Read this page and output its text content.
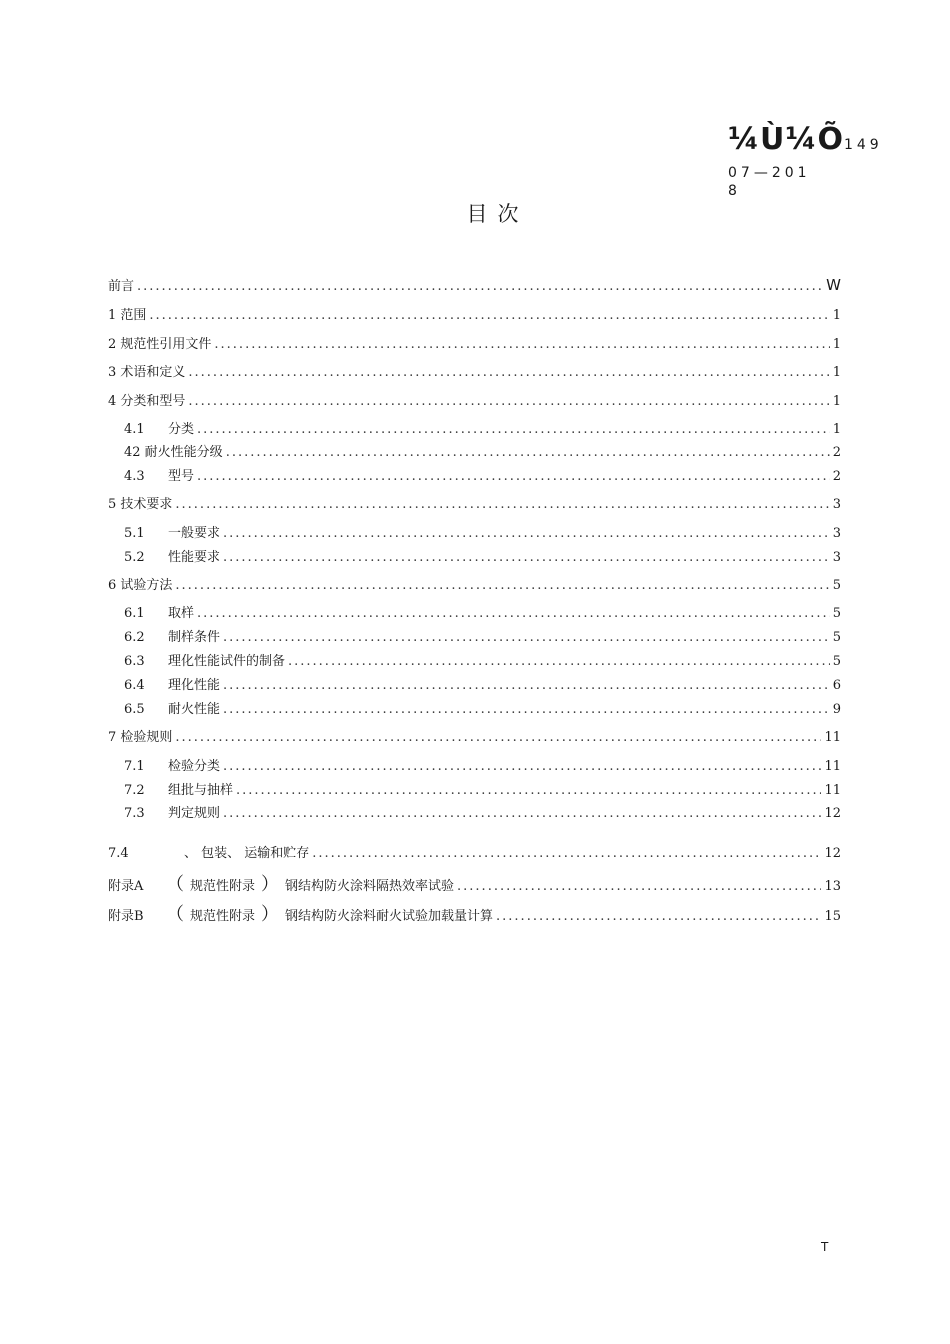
¼Ù¼Õ149
07—201
8
目次
前言 .....	W
1 范围 .....	1
2 规范性引用文件 .....	1
3 术语和定义 .....	1
4 分类和型号 .....	1
4.1 分类 .....	1
42 耐火性能分级 .....	2
4.3 型号 .....	2
5 技术要求 .....	3
5.1 一般要求 .....	3
5.2 性能要求 .....	3
6 试验方法 .....	5
6.1 取样 .....	5
6.2 制样条件 .....	5
6.3 理化性能试件的制备 .....	5
6.4 理化性能 .....	6
6.5 耐火性能 .....	9
7 检验规则 .....	11
7.1 检验分类 .....	11
7.2 组批与抽样 .....	11
7.3 判定规则 .....	12
7.4	、 包装、 运输和贮存 .....	12
附录A （ 规范性附录 ） 钢结构防火涂料隔热效率试验 .....	13
附录B （ 规范性附录 ） 钢结构防火涂料耐火试验加载量计算 .....	15
T
